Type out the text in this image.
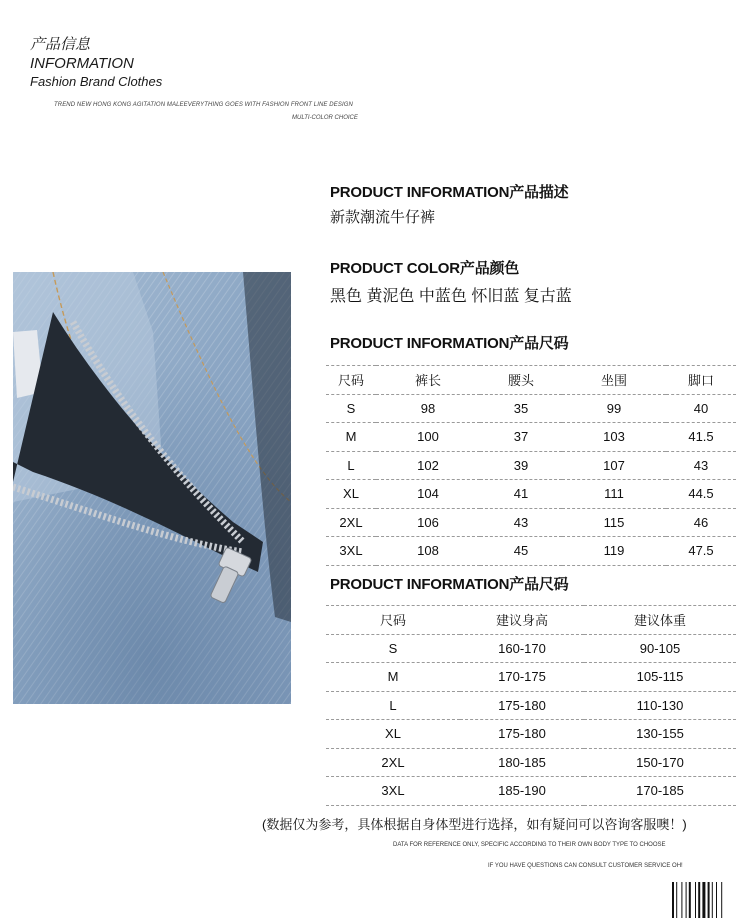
产品信息
INFORMATION
Fashion Brand Clothes
TREND NEW HONG KONG AGITATION MALEEVERYTHING GOES WITH FASHION FRONT LINE DESIGN
MULTI-COLOR CHOICE
PRODUCT INFORMATION产品描述
新款潮流牛仔裤
PRODUCT COLOR产品颜色
黑色 黄泥色 中蓝色 怀旧蓝 复古蓝
PRODUCT INFORMATION产品尺码
尺码	裤长	腰头	坐围	脚口
S	98	35	99	40
M	100	37	103	41.5
L	102	39	107	43
XL	104	41	111	44.5
2XL	106	43	115	46
3XL	108	45	119	47.5
PRODUCT INFORMATION产品尺码
尺码	建议身高	建议体重
S	160-170	90-105
M	170-175	105-115
L	175-180	110-130
XL	175-180	130-155
2XL	180-185	150-170
3XL	185-190	170-185
(数据仅为参考，具体根据自身体型进行选择，如有疑问可以咨询客服噢！)
DATA FOR REFERENCE ONLY, SPECIFIC ACCORDING TO THEIR OWN BODY TYPE TO CHOOSE
IF YOU HAVE QUESTIONS CAN CONSULT CUSTOMER SERVICE OH!
